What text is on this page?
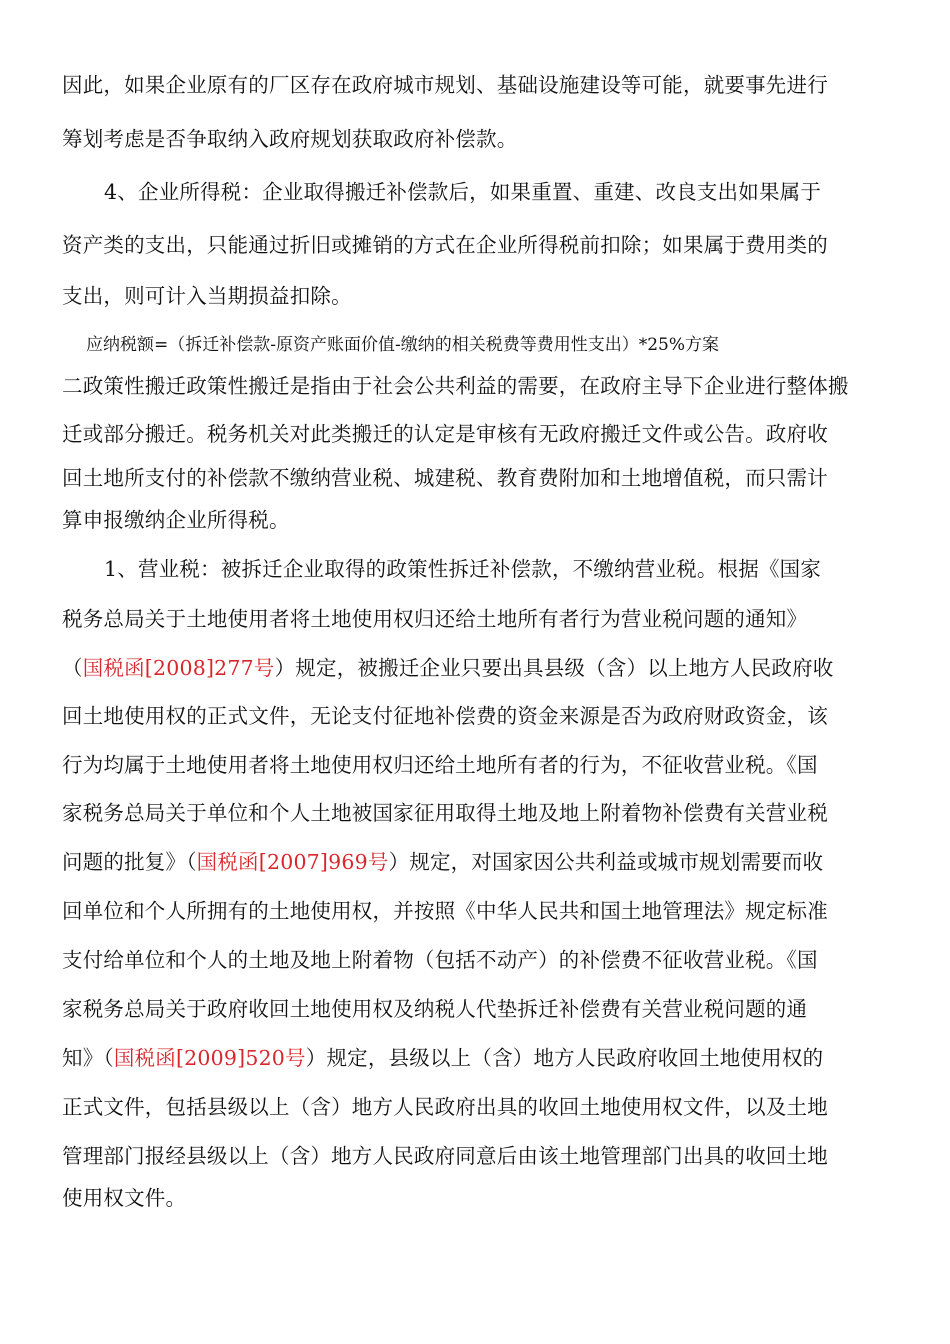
因此，如果企业原有的厂区存在政府城市规划、基础设施建设等可能，就要事先进行
筹划考虑是否争取纳入政府规划获取政府补偿款。
4、企业所得税：企业取得搬迁补偿款后，如果重置、重建、改良支出如果属于
资产类的支出，只能通过折旧或摊销的方式在企业所得税前扣除；如果属于费用类的
支出，则可计入当期损益扣除。
应纳税额=（拆迁补偿款-原资产账面价值-缴纳的相关税费等费用性支出）*25%方案
二政策性搬迁政策性搬迁是指由于社会公共利益的需要，在政府主导下企业进行整体搬
迁或部分搬迁。税务机关对此类搬迁的认定是审核有无政府搬迁文件或公告。政府收
回土地所支付的补偿款不缴纳营业税、城建税、教育费附加和土地增值税，而只需计
算申报缴纳企业所得税。
1、营业税：被拆迁企业取得的政策性拆迁补偿款，不缴纳营业税。根据《国家
税务总局关于土地使用者将土地使用权归还给土地所有者行为营业税问题的通知》
（国税函[2008]277号）规定，被搬迁企业只要出具县级（含）以上地方人民政府收
回土地使用权的正式文件，无论支付征地补偿费的资金来源是否为政府财政资金，该
行为均属于土地使用者将土地使用权归还给土地所有者的行为，不征收营业税。《国
家税务总局关于单位和个人土地被国家征用取得土地及地上附着物补偿费有关营业税
问题的批复》（国税函[2007]969号）规定，对国家因公共利益或城市规划需要而收
回单位和个人所拥有的土地使用权，并按照《中华人民共和国土地管理法》规定标准
支付给单位和个人的土地及地上附着物（包括不动产）的补偿费不征收营业税。《国
家税务总局关于政府收回土地使用权及纳税人代垫拆迁补偿费有关营业税问题的通
知》（国税函[2009]520号）规定，县级以上（含）地方人民政府收回土地使用权的
正式文件，包括县级以上（含）地方人民政府出具的收回土地使用权文件，以及土地
管理部门报经县级以上（含）地方人民政府同意后由该土地管理部门出具的收回土地
使用权文件。
